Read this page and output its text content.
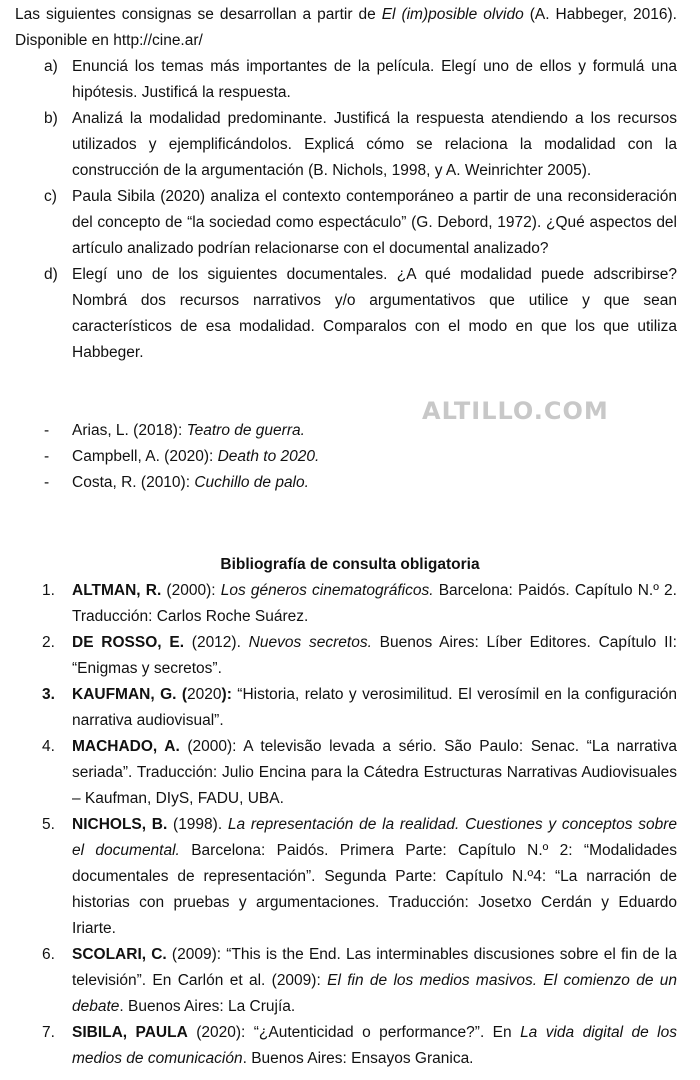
Las siguientes consignas se desarrollan a partir de El (im)posible olvido (A. Habbeger, 2016). Disponible en http://cine.ar/

a) Enunciá los temas más importantes de la película. Elegí uno de ellos y formulá una hipótesis. Justificá la respuesta.
b) Analizá la modalidad predominante. Justificá la respuesta atendiendo a los recursos utilizados y ejemplificándolos. Explicá cómo se relaciona la modalidad con la construcción de la argumentación (B. Nichols, 1998, y A. Weinrichter 2005).
c) Paula Sibila (2020) analiza el contexto contemporáneo a partir de una reconsideración del concepto de “la sociedad como espectáculo” (G. Debord, 1972). ¿Qué aspectos del artículo analizado podrían relacionarse con el documental analizado?
d) Elegí uno de los siguientes documentales. ¿A qué modalidad puede adscribirse? Nombrá dos recursos narrativos y/o argumentativos que utilice y que sean característicos de esa modalidad. Comparalos con el modo en que los que utiliza Habbeger.
-	Arias, L. (2018): Teatro de guerra.
-	Campbell, A. (2020): Death to 2020.
-	Costa, R. (2010): Cuchillo de palo.
ALTILLO.COM
Bibliografía de consulta obligatoria
1.	ALTMAN, R. (2000): Los géneros cinematográficos. Barcelona: Paidós. Capítulo N.º 2. Traducción: Carlos Roche Suárez.
2.	DE ROSSO, E. (2012). Nuevos secretos. Buenos Aires: Líber Editores. Capítulo II: “Enigmas y secretos”.
3.	KAUFMAN, G. (2020): “Historia, relato y verosimilitud. El verosímil en la configuración narrativa audiovisual”.
4.	MACHADO, A. (2000): A televisão levada a sério. São Paulo: Senac. “La narrativa seriada”. Traducción: Julio Encina para la Cátedra Estructuras Narrativas Audiovisuales – Kaufman, DIyS, FADU, UBA.
5.	NICHOLS, B. (1998). La representación de la realidad. Cuestiones y conceptos sobre el documental. Barcelona: Paidós. Primera Parte: Capítulo N.º 2: “Modalidades documentales de representación”. Segunda Parte: Capítulo N.º4: “La narración de historias con pruebas y argumentaciones. Traducción: Josetxo Cerdán y Eduardo Iriarte.
6.	SCOLARI, C. (2009): “This is the End. Las interminables discusiones sobre el fin de la televisión”. En Carlón et al. (2009): El fin de los medios masivos. El comienzo de un debate. Buenos Aires: La Crujía.
7.	SIBILA, PAULA (2020): “¿Autenticidad o performance?”. En La vida digital de los medios de comunicación. Buenos Aires: Ensayos Granica.
